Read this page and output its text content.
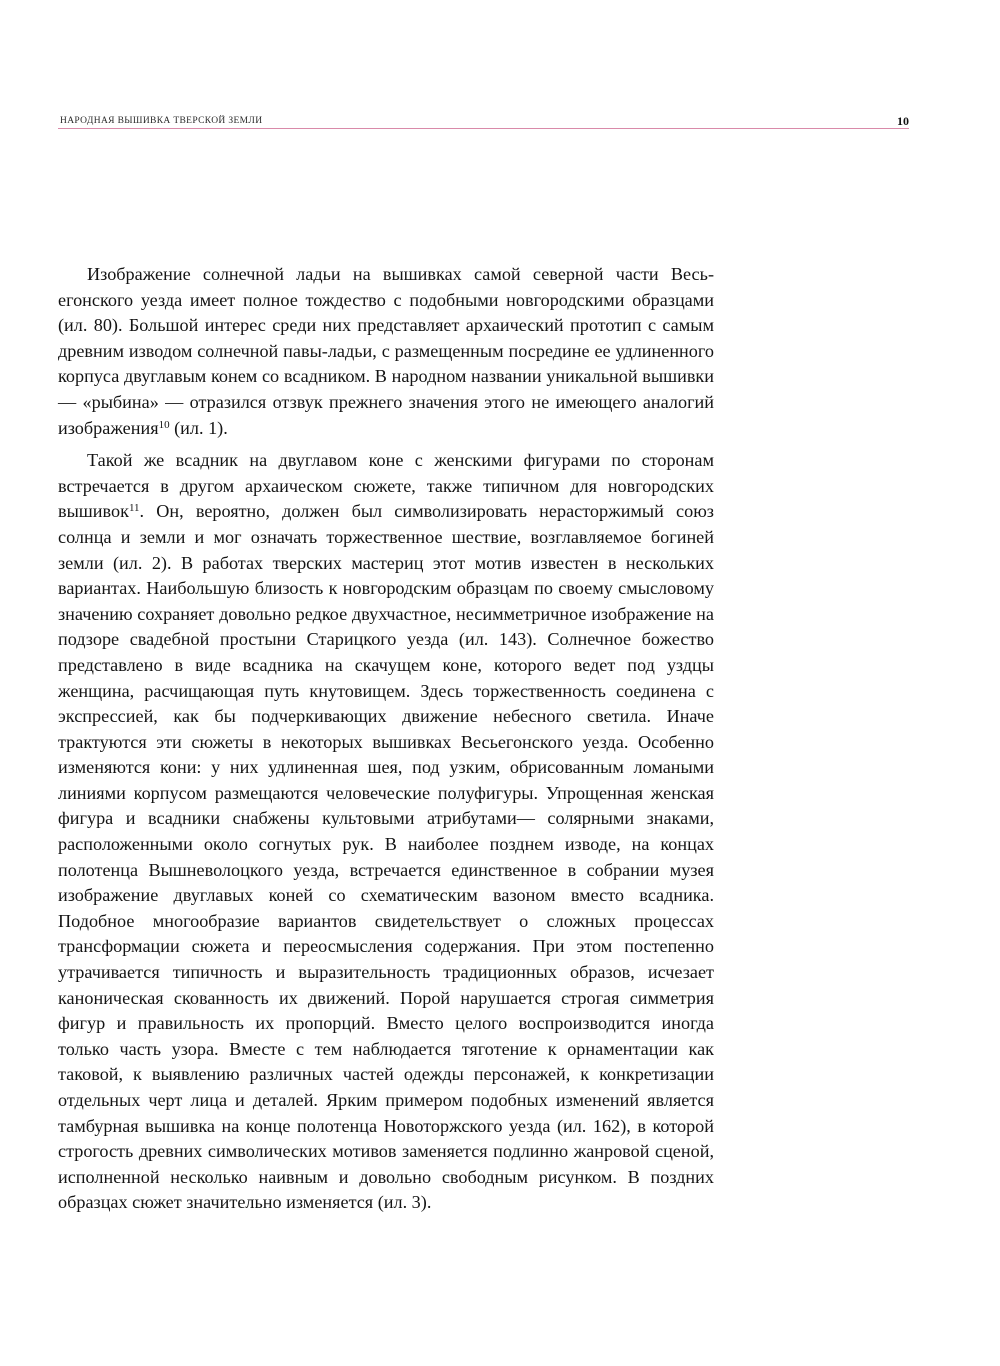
НАРОДНАЯ ВЫШИВКА ТВЕРСКОЙ ЗЕМЛИ	10

Изображение солнечной ладьи на вышивках самой северной части Весьегонского уезда имеет полное тождество с подобными новгородскими образцами (ил. 80). Большой интерес среди них представляет архаический прототип с самым древним изводом солнечной павы-ладьи, с размещенным посредине ее удлиненного корпуса двуглавым конем со всадником. В народном названии уникальной вышивки — «рыбина» — отразился отзвук прежнего значения этого не имеющего аналогий изображения$^{10}$ (ил. 1).

Такой же всадник на двуглавом коне с женскими фигурами по сторонам встречается в другом архаическом сюжете, также типичном для новгородских вышивок$^{11}$. Он, вероятно, должен был символизировать нерасторжимый союз солнца и земли и мог означать торжественное шествие, возглавляемое богиней земли (ил. 2). В работах тверских мастериц этот мотив известен в нескольких вариантах. Наибольшую близость к новгородским образцам по своему смысловому значению сохраняет довольно редкое двухчастное, несимметричное изображение на подзоре свадебной простыни Старицкого уезда (ил. 143). Солнечное божество представлено в виде всадника на скачущем коне, которого ведет под уздцы женщина, расчищающая путь кнутовищем. Здесь торжественность соединена с экспрессией, как бы подчеркивающих движение небесного светила. Иначе трактуются эти сюжеты в некоторых вышивках Весьегонского уезда. Особенно изменяются кони: у них удлиненная шея, под узким, обрисованным ломаными линиями корпусом размещаются человеческие полуфигуры. Упрощенная женская фигура и всадники снабжены культовыми атрибутами— солярными знаками, расположенными около согнутых рук. В наиболее позднем изводе, на концах полотенца Вышневолоцкого уезда, встречается единственное в собрании музея изображение двуглавых коней со схематическим вазоном вместо всадника. Подобное многообразие вариантов свидетельствует о сложных процессах трансформации сюжета и переосмысления содержания. При этом постепенно утрачивается типичность и выразительность традиционных образов, исчезает каноническая скованность их движений. Порой нарушается строгая симметрия фигур и правильность их пропорций. Вместо целого воспроизводится иногда только часть узора. Вместе с тем наблюдается тяготение к орнаментации как таковой, к выявлению различных частей одежды персонажей, к конкретизации отдельных черт лица и деталей. Ярким примером подобных изменений является тамбурная вышивка на конце полотенца Новоторжского уезда (ил. 162), в которой строгость древних символических мотивов заменяется подлинно жанровой сценой, исполненной несколько наивным и довольно свободным рисунком. В поздних образцах сюжет значительно изменяется (ил. 3).
